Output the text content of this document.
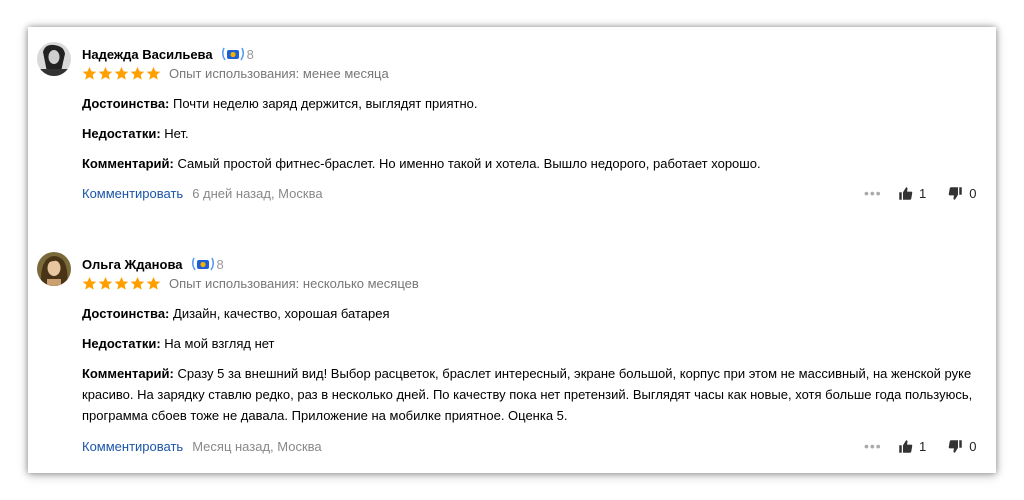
Надежда Васильева	8
Опыт использования: менее месяца
Достоинства: Почти неделю заряд держится, выглядят приятно.
Недостатки: Нет.
Комментарий: Самый простой фитнес-браслет. Но именно такой и хотела. Вышло недорого, работает хорошо.
Комментировать 6 дней назад, Москва	•••	1	0
Ольга Жданова	8
Опыт использования: несколько месяцев
Достоинства: Дизайн, качество, хорошая батарея
Недостатки: На мой взгляд нет
Комментарий: Сразу 5 за внешний вид! Выбор расцветок, браслет интересный, экране большой, корпус при этом не массивный, на женской руке красиво. На зарядку ставлю редко, раз в несколько дней. По качеству пока нет претензий. Выглядят часы как новые, хотя больше года пользуюсь, программа сбоев тоже не давала. Приложение на мобилке приятное. Оценка 5.
Комментировать Месяц назад, Москва	•••	1	0
